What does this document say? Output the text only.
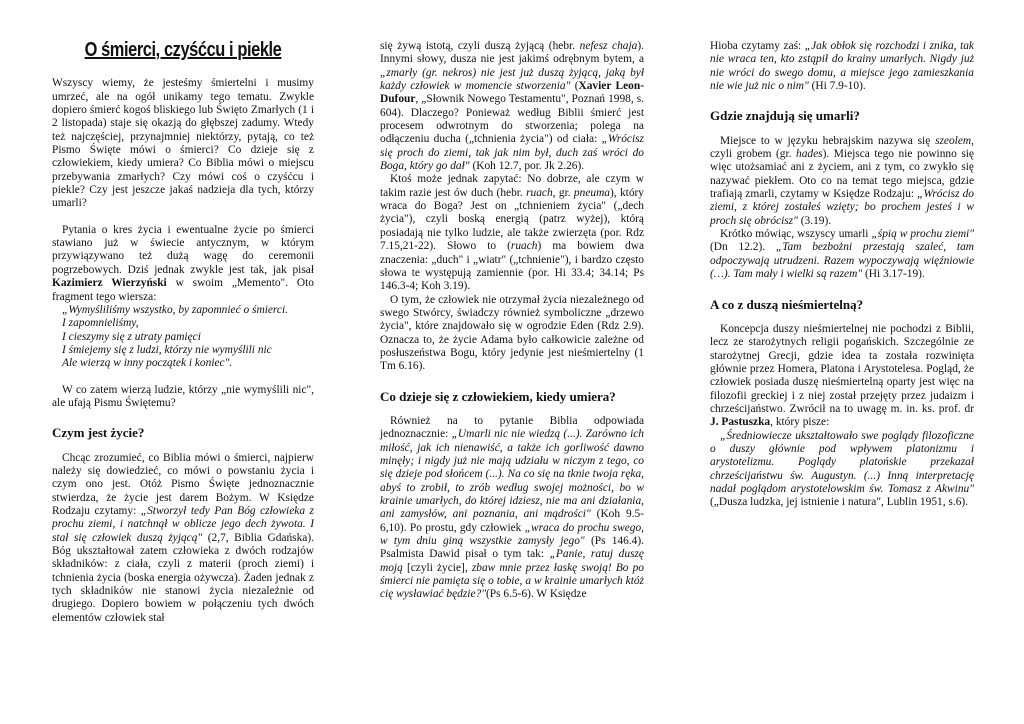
O śmierci, czyśćcu i piekle

Wszyscy wiemy, że jesteśmy śmiertelni i musimy umrzeć, ale na ogół unikamy tego tematu. Zwykle dopiero śmierć kogoś bliskiego lub Święto Zmarłych (1 i 2 listopada) staje się okazją do głębszej zadumy. Wtedy też najczęściej, przynajmniej niektórzy, pytają, co też Pismo Święte mówi o śmierci? Co dzieje się z człowiekiem, kiedy umiera? Co Biblia mówi o miejscu przebywania zmarłych? Czy mówi coś o czyśćcu i piekle? Czy jest jeszcze jakaś nadzieja dla tych, którzy umarli?

Pytania o kres życia i ewentualne życie po śmierci stawiano już w świecie antycznym, w którym przywiązywano też dużą wagę do ceremonii pogrzebowych. Dziś jednak zwykle jest tak, jak pisał Kazimierz Wierzyński w swoim „Memento". Oto fragment tego wiersza:

„Wymyśliliśmy wszystko, by zapomnieć o śmierci.
I zapomnieliśmy,
I cieszymy się z utraty pamięci
I śmiejemy się z ludzi, którzy nie wymyślili nic
Ale wierzą w inny początek i koniec".

W co zatem wierzą ludzie, którzy „nie wymyślili nic", ale ufają Pismu Świętemu?

Czym jest życie?

Chcąc zrozumieć, co Biblia mówi o śmierci, najpierw należy się dowiedzieć, co mówi o powstaniu życia i czym ono jest. Otóż Pismo Święte jednoznacznie stwierdza, że życie jest darem Bożym. W Księdze Rodzaju czytamy: „Stworzył tedy Pan Bóg człowieka z prochu ziemi, i natchnął w oblicze jego dech żywota. I stał się człowiek duszą żyjącą" (2,7, Biblia Gdańska). Bóg ukształtował zatem człowieka z dwóch rodzajów składników: z ciała, czyli z materii (proch ziemi) i tchnienia życia (boska energia ożywcza). Żaden jednak z tych składników nie stanowi życia niezależnie od drugiego. Dopiero bowiem w połączeniu tych dwóch elementów człowiek stał

się żywą istotą, czyli duszą żyjącą (hebr. nefesz chaja). Innymi słowy, dusza nie jest jakimś odrębnym bytem, a „zmarły (gr. nekros) nie jest już duszą żyjącą, jaką był każdy człowiek w momencie stworzenia" (Xavier Leon-Dufour, „Słownik Nowego Testamentu", Poznań 1998, s. 604). Dlaczego? Ponieważ według Biblii śmierć jest procesem odwrotnym do stworzenia; polega na odłączeniu ducha („tchnienia życia") od ciała: „Wrócisz się proch do ziemi, tak jak nim był, duch zaś wróci do Boga, który go dał" (Koh 12.7, por. Jk 2.26).

Ktoś może jednak zapytać: No dobrze, ale czym w takim razie jest ów duch (hebr. ruach, gr. pneuma), który wraca do Boga? Jest on „tchnieniem życia" („dech życia"), czyli boską energią (patrz wyżej), którą posiadają nie tylko ludzie, ale także zwierzęta (por. Rdz 7.15,21-22). Słowo to (ruach) ma bowiem dwa znaczenia: „duch" i „wiatr" („tchnienie"), i bardzo często słowa te występują zamiennie (por. Hi 33.4; 34.14; Ps 146.3-4; Koh 3.19).

O tym, że człowiek nie otrzymał życia niezależnego od swego Stwórcy, świadczy również symboliczne „drzewo życia", które znajdowało się w ogrodzie Eden (Rdz 2.9). Oznacza to, że życie Adama było całkowicie zależne od posłuszeństwa Bogu, który jedynie jest nieśmiertelny (1 Tm 6.16).

Co dzieje się z człowiekiem, kiedy umiera?

Również na to pytanie Biblia odpowiada jednoznacznie: „Umarli nic nie wiedzą (...). Zarówno ich miłość, jak ich nienawiść, a także ich gorliwość dawno minęły; i nigdy już nie mają udziału w niczym z tego, co się dzieje pod słońcem (...). Na co się na tknie twoja ręka, abyś to zrobił, to zrób według swojej możności, bo w krainie umarłych, do której idziesz, nie ma ani działania, ani zamysłów, ani poznania, ani mądrości" (Koh 9.5-6,10). Po prostu, gdy człowiek „wraca do prochu swego, w tym dniu giną wszystkie zamysły jego" (Ps 146.4). Psalmista Dawid pisał o tym tak: „Panie, ratuj duszę moją [czyli życie], zbaw mnie przez łaskę swoją! Bo po śmierci nie pamięta się o tobie, a w krainie umarłych któż cię wysławiać będzie?"(Ps 6.5-6). W Księdze

Hioba czytamy zaś: „Jak obłok się rozchodzi i znika, tak nie wraca ten, kto zstąpił do krainy umarłych. Nigdy już nie wróci do swego domu, a miejsce jego zamieszkania nie wie już nic o nim" (Hi 7.9-10).

Gdzie znajdują się umarli?

Miejsce to w języku hebrajskim nazywa się szeolem, czyli grobem (gr. hades). Miejsca tego nie powinno się więc utożsamiać ani z życiem, ani z tym, co zwykło się nazywać piekłem. Oto co na temat tego miejsca, gdzie trafiają zmarli, czytamy w Księdze Rodzaju: „Wrócisz do ziemi, z której zostałeś wzięty; bo prochem jesteś i w proch się obrócisz" (3.19).

Krótko mówiąc, wszyscy umarli „śpią w prochu ziemi" (Dn 12.2). „Tam bezbożni przestają szaleć, tam odpoczywają utrudzeni. Razem wypoczywają więźniowie (…). Tam mały i wielki są razem" (Hi 3.17-19).

A co z duszą nieśmiertelną?

Koncepcja duszy nieśmiertelnej nie pochodzi z Biblii, lecz ze starożytnych religii pogańskich. Szczególnie ze starożytnej Grecji, gdzie idea ta została rozwinięta głównie przez Homera, Platona i Arystotelesa. Pogląd, że człowiek posiada duszę nieśmiertelną oparty jest więc na filozofii greckiej i z niej został przejęty przez judaizm i chrześcijaństwo. Zwrócił na to uwagę m. in. ks. prof. dr J. Pastuszka, który pisze:

„Średniowiecze ukształtowało swe poglądy filozoficzne o duszy głównie pod wpływem platonizmu i arystotelizmu. Poglądy platońskie przekazał chrześcijaństwu św. Augustyn. (...) Inną interpretację nadał poglądom arystotelowskim św. Tomasz z Akwinu" („Dusza ludzka, jej istnienie i natura", Lublin 1951, s.6).
